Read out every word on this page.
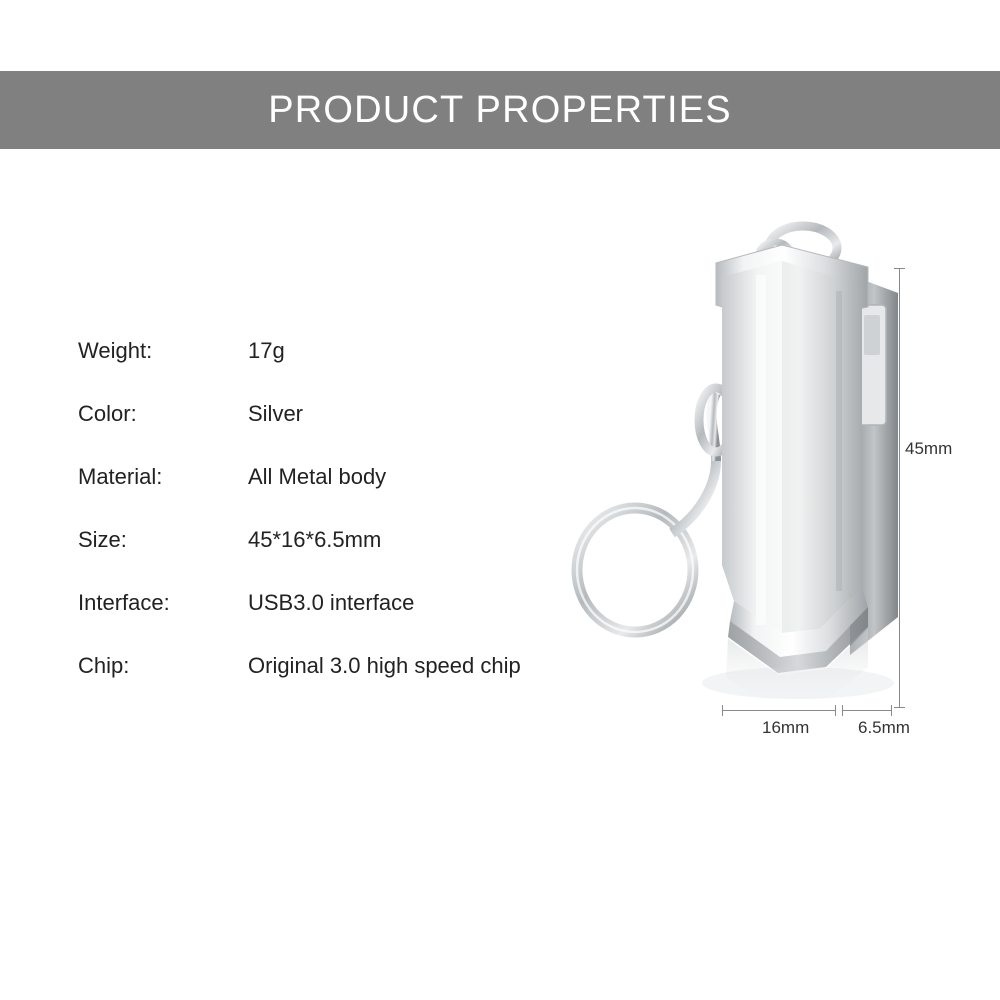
PRODUCT PROPERTIES
Weight:	17g
Color:	Silver
Material:	All Metal body
Size:	45*16*6.5mm
Interface:	USB3.0 interface
Chip:	Original 3.0 high speed chip
45mm
16mm	6.5mm
